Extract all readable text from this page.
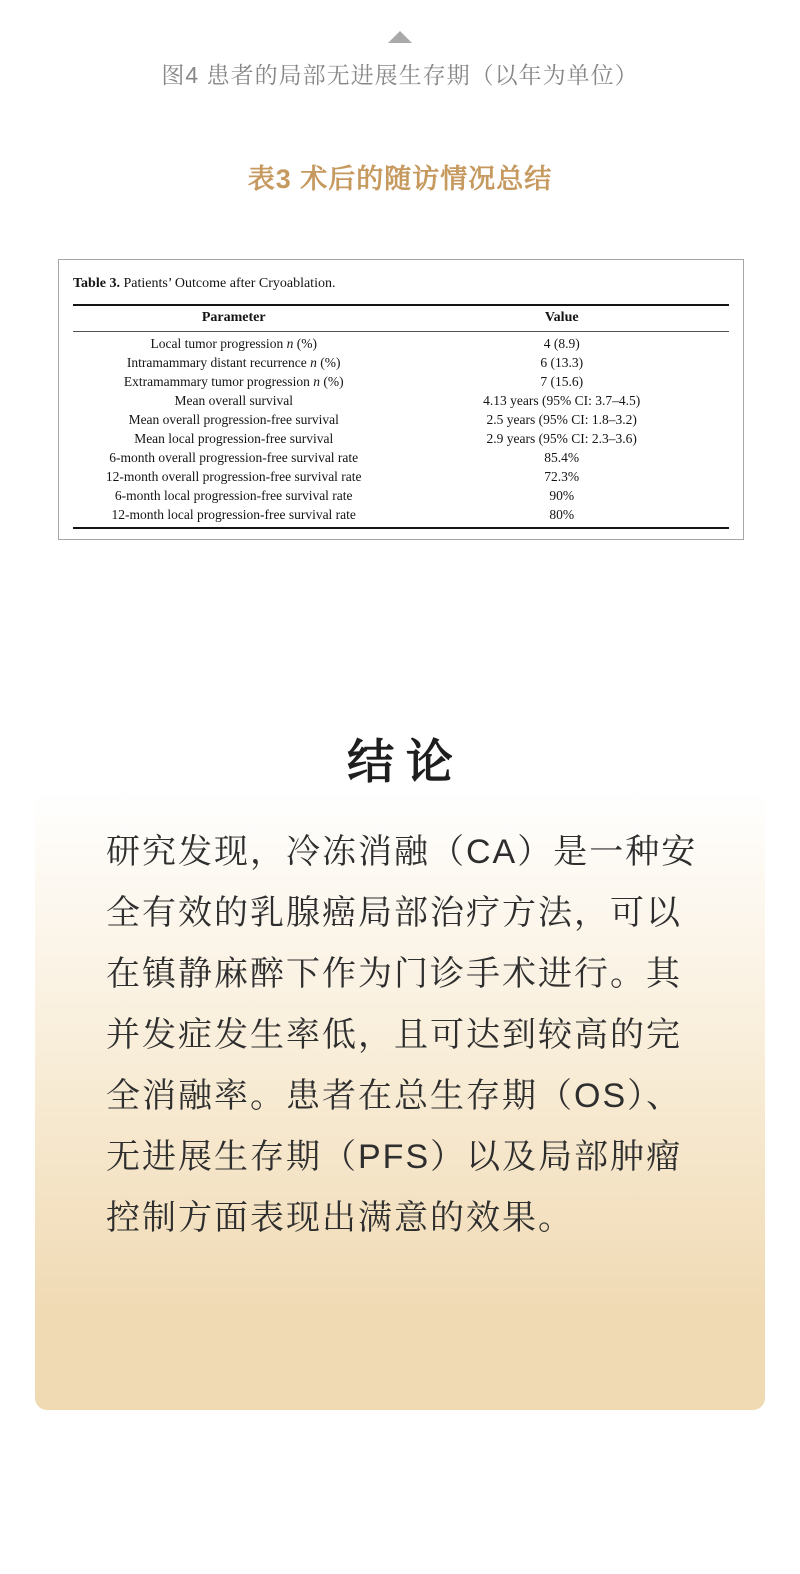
图4 患者的局部无进展生存期（以年为单位）
表3 术后的随访情况总结
Table 3. Patients’ Outcome after Cryoablation.
Parameter	Value
Local tumor progression n (%)	4 (8.9)
Intramammary distant recurrence n (%)	6 (13.3)
Extramammary tumor progression n (%)	7 (15.6)
Mean overall survival	4.13 years (95% CI: 3.7–4.5)
Mean overall progression-free survival	2.5 years (95% CI: 1.8–3.2)
Mean local progression-free survival	2.9 years (95% CI: 2.3–3.6)
6-month overall progression-free survival rate	85.4%
12-month overall progression-free survival rate	72.3%
6-month local progression-free survival rate	90%
12-month local progression-free survival rate	80%
结 论
研究发现，冷冻消融（CA）是一种安
全有效的乳腺癌局部治疗方法，可以
在镇静麻醉下作为门诊手术进行。其
并发症发生率低，且可达到较高的完
全消融率。患者在总生存期（OS）、
无进展生存期（PFS）以及局部肿瘤
控制方面表现出满意的效果。
